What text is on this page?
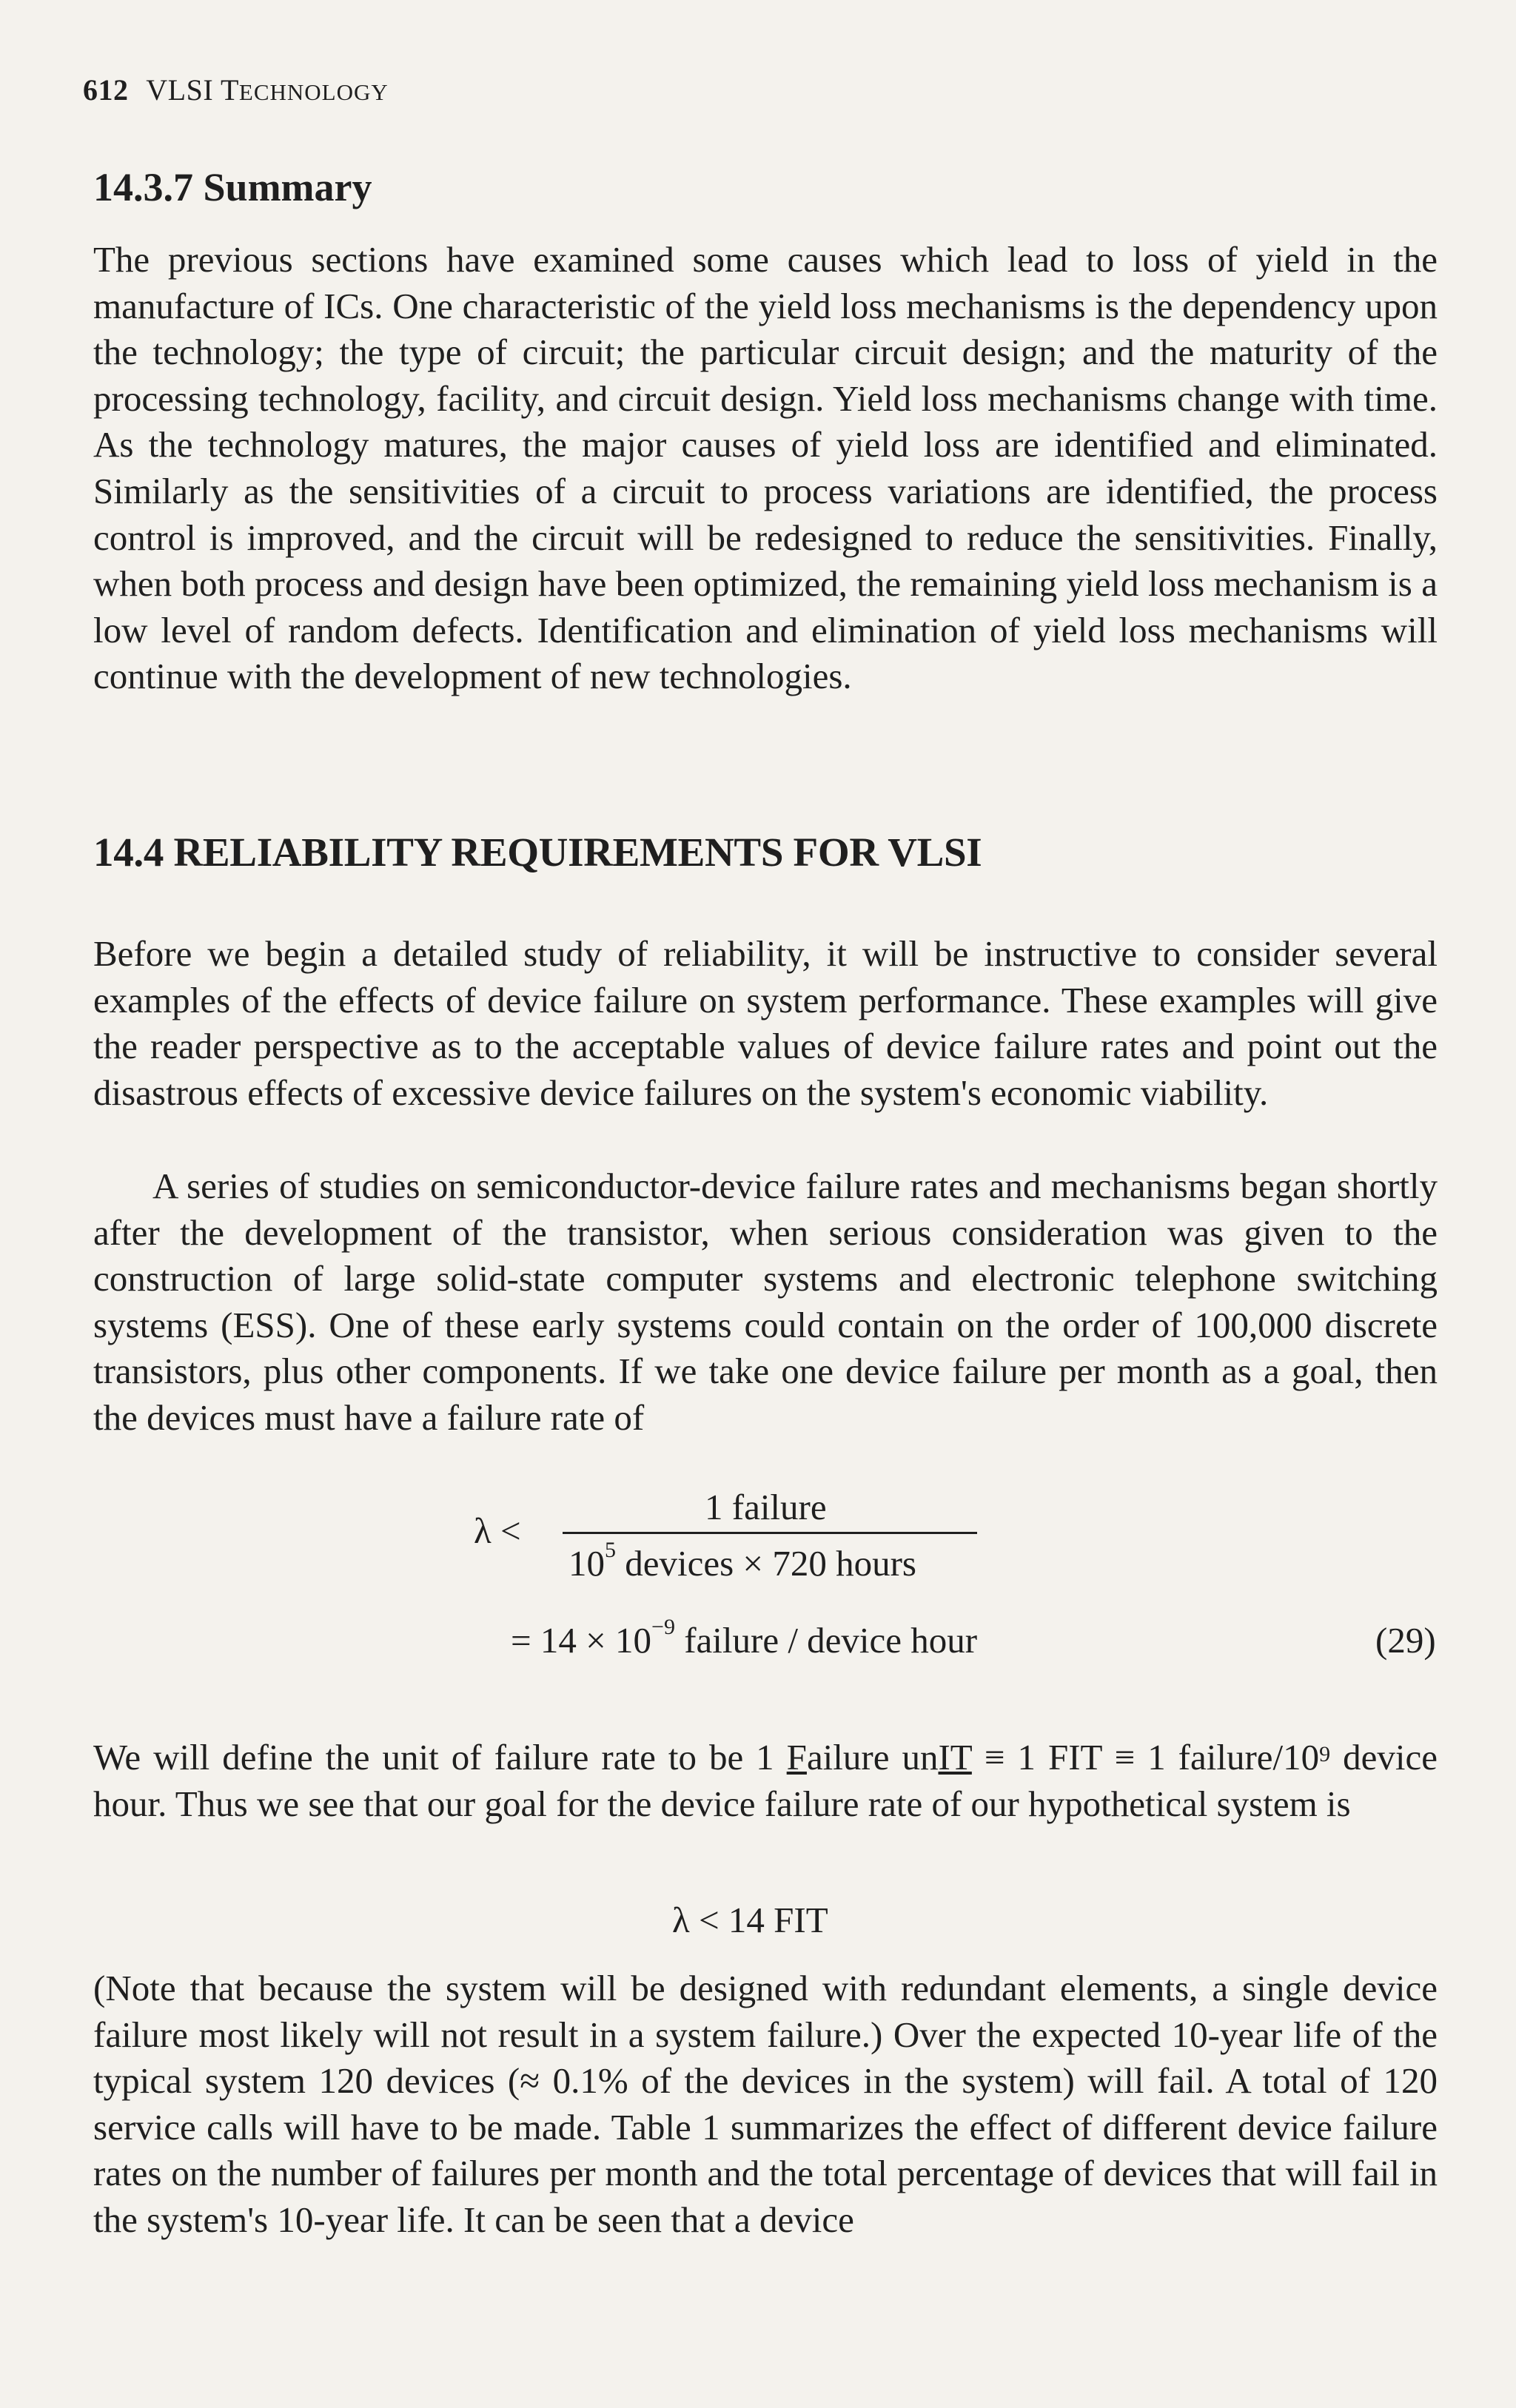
612 VLSI TECHNOLOGY
14.3.7 Summary

The previous sections have examined some causes which lead to loss of yield in the manufacture of ICs. One characteristic of the yield loss mechanisms is the dependency upon the technology; the type of circuit; the particular circuit design; and the maturity of the processing technology, facility, and circuit design. Yield loss mechanisms change with time. As the technology matures, the major causes of yield loss are identified and eliminated. Similarly as the sensitivities of a circuit to process variations are identified, the process control is improved, and the circuit will be redesigned to reduce the sensitivities. Finally, when both process and design have been optimized, the remaining yield loss mechanism is a low level of random defects. Identification and elimination of yield loss mechanisms will continue with the development of new technologies.

14.4 RELIABILITY REQUIREMENTS FOR VLSI

Before we begin a detailed study of reliability, it will be instructive to consider several examples of the effects of device failure on system performance. These examples will give the reader perspective as to the acceptable values of device failure rates and point out the disastrous effects of excessive device failures on the system's economic viability.

A series of studies on semiconductor-device failure rates and mechanisms began shortly after the development of the transistor, when serious consideration was given to the construction of large solid-state computer systems and electronic telephone switching systems (ESS). One of these early systems could contain on the order of 100,000 discrete transistors, plus other components. If we take one device failure per month as a goal, then the devices must have a failure rate of

λ <
1 failure
$10^5$ devices × 720 hours
= $14 \times 10^{-9}$ failure / device hour	(29)

We will define the unit of failure rate to be 1 Failure unIT ≡ 1 FIT ≡ 1 failure/$10^9$ device hour. Thus we see that our goal for the device failure rate of our hypothetical system is

λ < 14 FIT

(Note that because the system will be designed with redundant elements, a single device failure most likely will not result in a system failure.) Over the expected 10-year life of the typical system 120 devices (≈ 0.1% of the devices in the system) will fail. A total of 120 service calls will have to be made. Table 1 summarizes the effect of different device failure rates on the number of failures per month and the total percentage of devices that will fail in the system's 10-year life. It can be seen that a device
